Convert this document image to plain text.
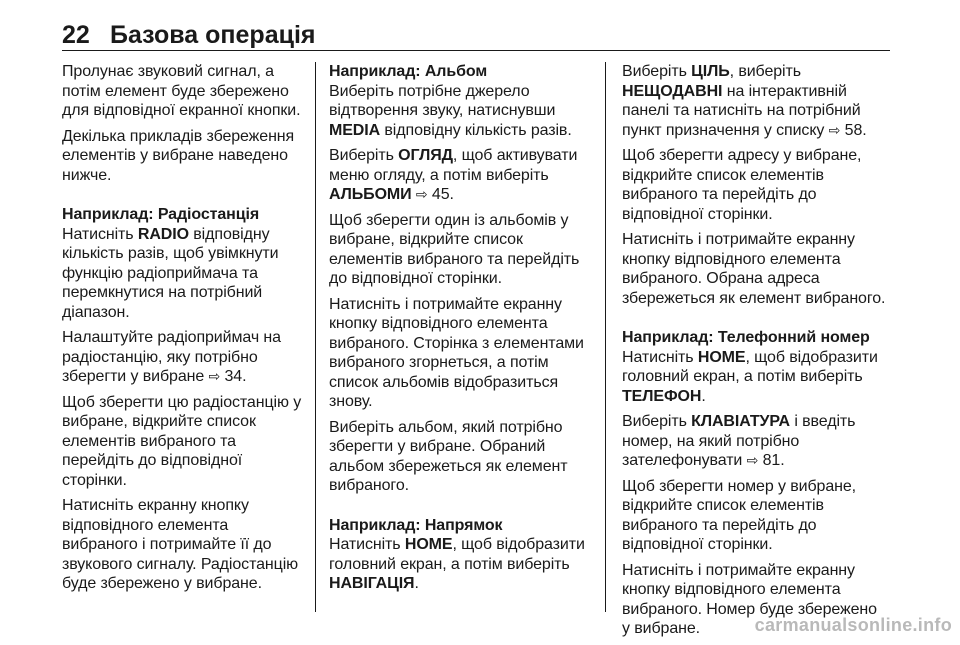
22 Базова операція

Пролунає звуковий сигнал, а потім елемент буде збережено для відповідної екранної кнопки.

Декілька прикладів збереження елементів у вибране наведено нижче.

Наприклад: Радіостанція

Натисніть RADIO відповідну кількість разів, щоб увімкнути функцію радіоприймача та перемкнутися на потрібний діапазон.

Налаштуйте радіоприймач на радіостанцію, яку потрібно зберегти у вибране ⇨ 34.

Щоб зберегти цю радіостанцію у вибране, відкрийте список елементів вибраного та перейдіть до відповідної сторінки.

Натисніть екранну кнопку відповідного елемента вибраного і потримайте її до звукового сигналу. Радіостанцію буде збережено у вибране.

Наприклад: Альбом

Виберіть потрібне джерело відтворення звуку, натиснувши MEDIA відповідну кількість разів.

Виберіть ОГЛЯД, щоб активувати меню огляду, а потім виберіть АЛЬБОМИ ⇨ 45.

Щоб зберегти один із альбомів у вибране, відкрийте список елементів вибраного та перейдіть до відповідної сторінки.

Натисніть і потримайте екранну кнопку відповідного елемента вибраного. Сторінка з елементами вибраного згорнеться, а потім список альбомів відобразиться знову.

Виберіть альбом, який потрібно зберегти у вибране. Обраний альбом збережеться як елемент вибраного.

Наприклад: Напрямок

Натисніть HOME, щоб відобразити головний екран, а потім виберіть НАВІГАЦІЯ.

Виберіть ЦІЛЬ, виберіть НЕЩОДАВНІ на інтерактивній панелі та натисніть на потрібний пункт призначення у списку ⇨ 58.

Щоб зберегти адресу у вибране, відкрийте список елементів вибраного та перейдіть до відповідної сторінки.

Натисніть і потримайте екранну кнопку відповідного елемента вибраного. Обрана адреса збережеться як елемент вибраного.

Наприклад: Телефонний номер

Натисніть HOME, щоб відобразити головний екран, а потім виберіть ТЕЛЕФОН.

Виберіть КЛАВІАТУРА і введіть номер, на який потрібно зателефонувати ⇨ 81.

Щоб зберегти номер у вибране, відкрийте список елементів вибраного та перейдіть до відповідної сторінки.

Натисніть і потримайте екранну кнопку відповідного елемента вибраного. Номер буде збережено у вибране.	carmanualsonline.info
